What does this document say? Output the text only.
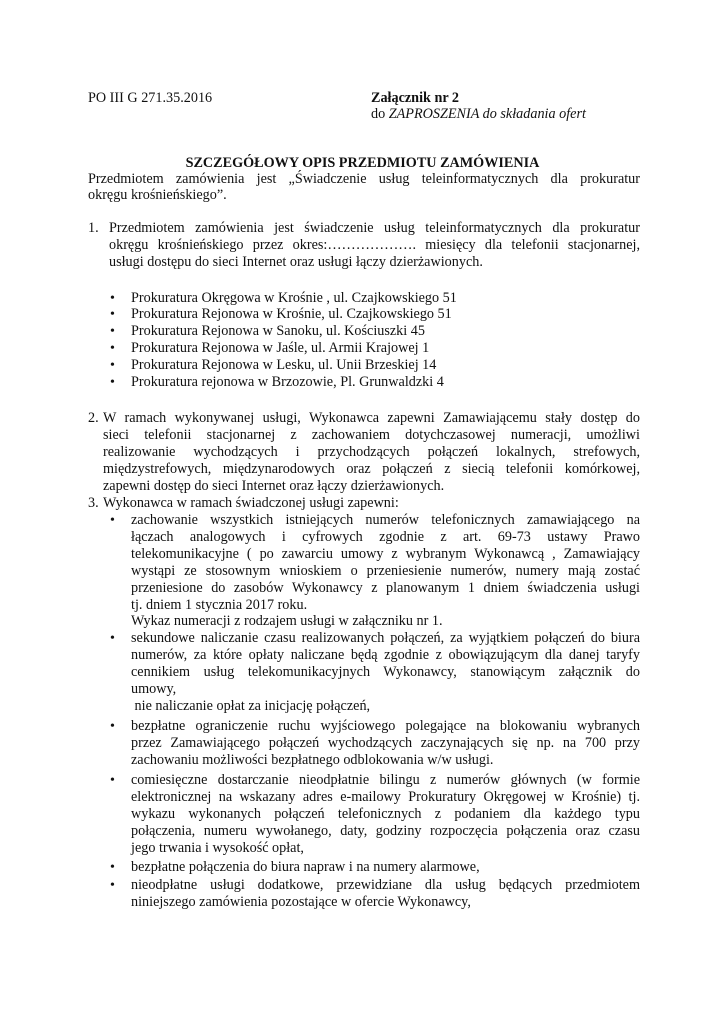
PO III G 271.35.2016	Załącznik nr 2
do ZAPROSZENIA do składania ofert
SZCZEGÓŁOWY OPIS PRZEDMIOTU ZAMÓWIENIA
Przedmiotem zamówienia jest „Świadczenie usług teleinformatycznych dla prokuratur
okręgu krośnieńskiego”.
1. Przedmiotem zamówienia jest świadczenie usług teleinformatycznych dla prokuratur
okręgu krośnieńskiego przez okres:………………. miesięcy dla telefonii stacjonarnej,
usługi dostępu do sieci Internet oraz usługi łączy dzierżawionych.
• Prokuratura Okręgowa w Krośnie , ul. Czajkowskiego 51
• Prokuratura Rejonowa w Krośnie, ul. Czajkowskiego 51
• Prokuratura Rejonowa w Sanoku, ul. Kościuszki 45
• Prokuratura Rejonowa w Jaśle, ul. Armii Krajowej 1
• Prokuratura Rejonowa w Lesku, ul. Unii Brzeskiej 14
• Prokuratura rejonowa w Brzozowie, Pl. Grunwaldzki 4
2. W ramach wykonywanej usługi, Wykonawca zapewni Zamawiającemu stały dostęp do
sieci telefonii stacjonarnej z zachowaniem dotychczasowej numeracji, umożliwi
realizowanie wychodzących i przychodzących połączeń lokalnych, strefowych,
międzystrefowych, międzynarodowych oraz połączeń z siecią telefonii komórkowej,
zapewni dostęp do sieci Internet oraz łączy dzierżawionych.
3. Wykonawca w ramach świadczonej usługi zapewni:
• zachowanie wszystkich istniejących numerów telefonicznych zamawiającego na
łączach analogowych i cyfrowych zgodnie z art. 69-73 ustawy Prawo
telekomunikacyjne ( po zawarciu umowy z wybranym Wykonawcą , Zamawiający
wystąpi ze stosownym wnioskiem o przeniesienie numerów, numery mają zostać
przeniesione do zasobów Wykonawcy z planowanym 1 dniem świadczenia usługi
tj. dniem 1 stycznia 2017 roku.
Wykaz numeracji z rodzajem usługi w załączniku nr 1.
• sekundowe naliczanie czasu realizowanych połączeń, za wyjątkiem połączeń do biura
numerów, za które opłaty naliczane będą zgodnie z obowiązującym dla danej taryfy
cennikiem usług telekomunikacyjnych Wykonawcy, stanowiącym załącznik do
umowy,
nie naliczanie opłat za inicjację połączeń,
• bezpłatne ograniczenie ruchu wyjściowego polegające na blokowaniu wybranych
przez Zamawiającego połączeń wychodzących zaczynających się np. na 700 przy
zachowaniu możliwości bezpłatnego odblokowania w/w usługi.
• comiesięczne dostarczanie nieodpłatnie bilingu z numerów głównych (w formie
elektronicznej na wskazany adres e-mailowy Prokuratury Okręgowej w Krośnie) tj.
wykazu wykonanych połączeń telefonicznych z podaniem dla każdego typu
połączenia, numeru wywołanego, daty, godziny rozpoczęcia połączenia oraz czasu
jego trwania i wysokość opłat,
• bezpłatne połączenia do biura napraw i na numery alarmowe,
• nieodpłatne usługi dodatkowe, przewidziane dla usług będących przedmiotem
niniejszego zamówienia pozostające w ofercie Wykonawcy,
